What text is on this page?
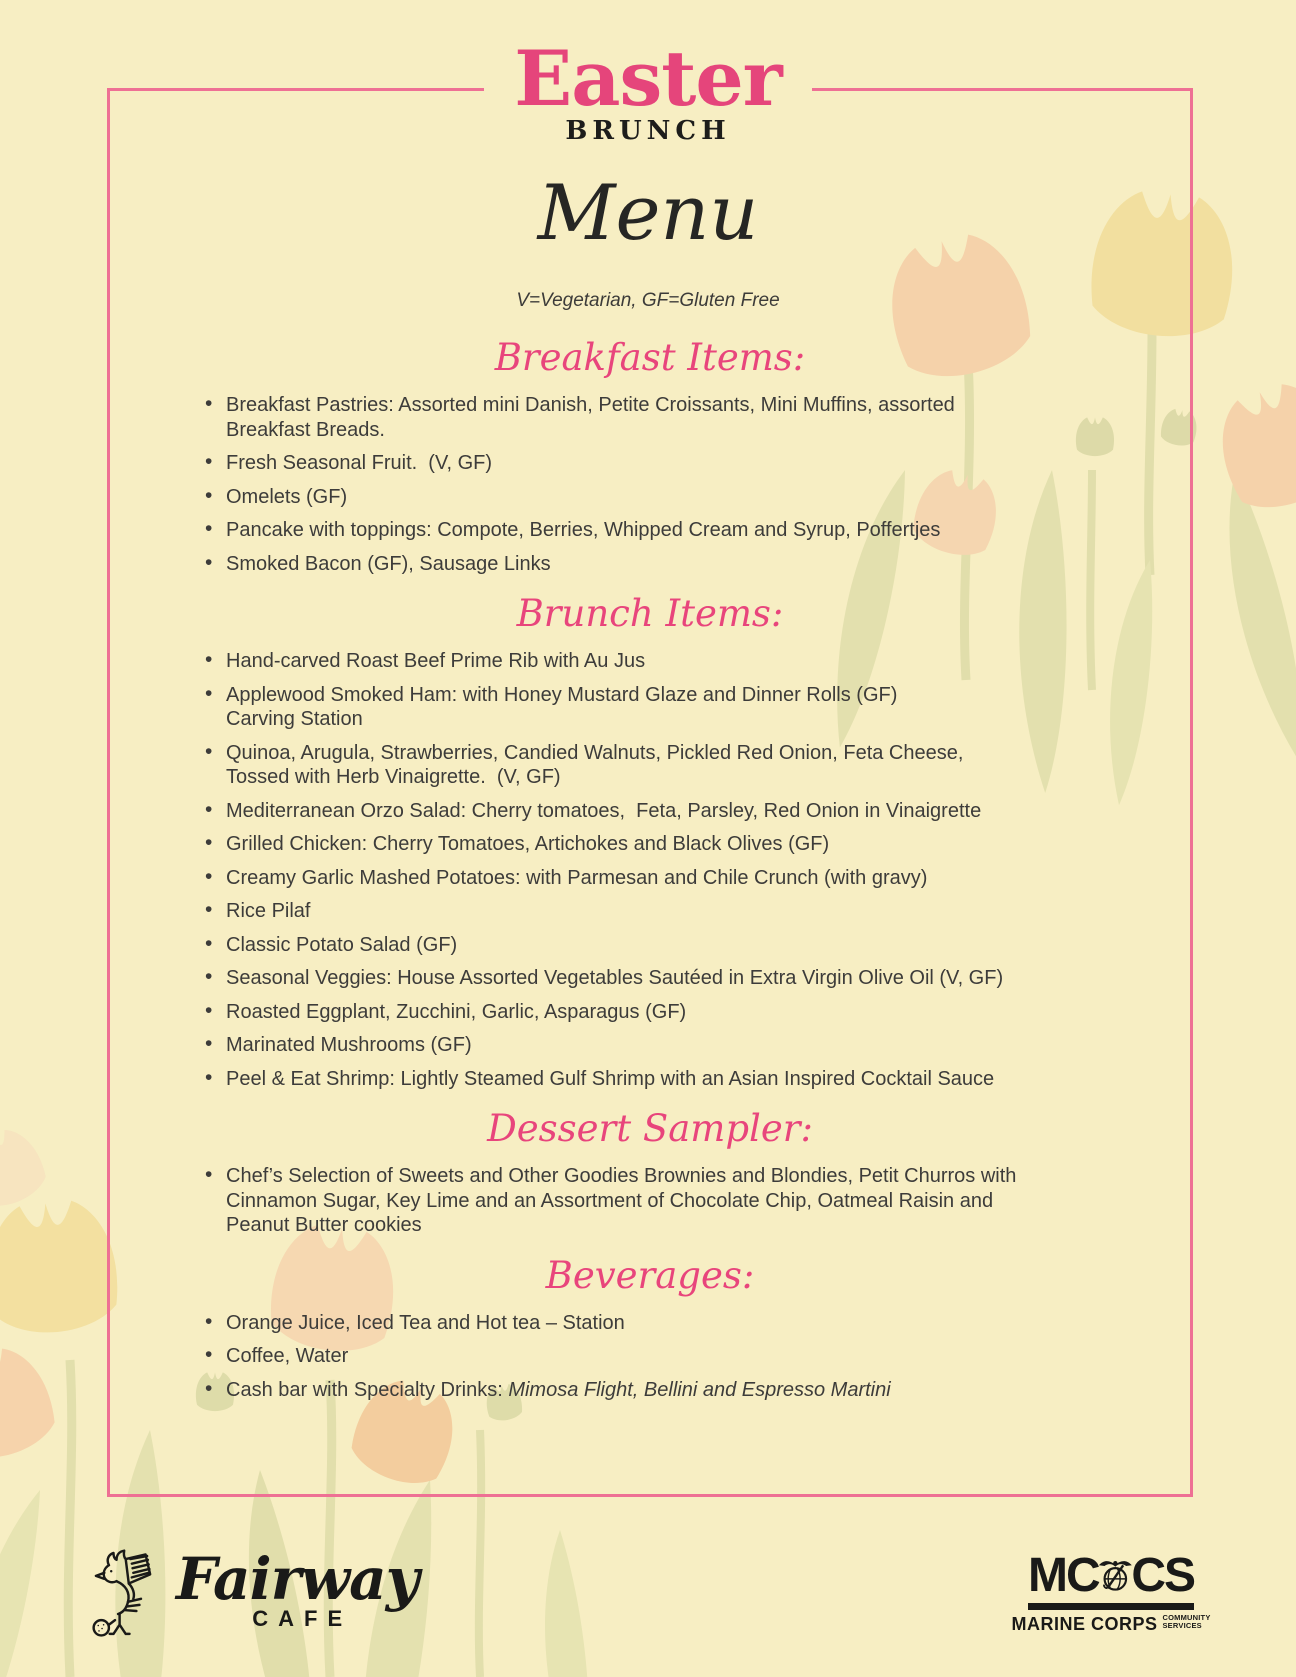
Easter
BRUNCH
Menu
V=Vegetarian, GF=Gluten Free
Breakfast Items:
• Breakfast Pastries: Assorted mini Danish, Petite Croissants, Mini Muffins, assorted
Breakfast Breads.
• Fresh Seasonal Fruit.  (V, GF)
• Omelets (GF)
• Pancake with toppings: Compote, Berries, Whipped Cream and Syrup, Poffertjes
• Smoked Bacon (GF), Sausage Links
Brunch Items:
• Hand-carved Roast Beef Prime Rib with Au Jus
• Applewood Smoked Ham: with Honey Mustard Glaze and Dinner Rolls (GF)
Carving Station
• Quinoa, Arugula, Strawberries, Candied Walnuts, Pickled Red Onion, Feta Cheese,
Tossed with Herb Vinaigrette.  (V, GF)
• Mediterranean Orzo Salad: Cherry tomatoes,  Feta, Parsley, Red Onion in Vinaigrette
• Grilled Chicken: Cherry Tomatoes, Artichokes and Black Olives (GF)
• Creamy Garlic Mashed Potatoes: with Parmesan and Chile Crunch (with gravy)
• Rice Pilaf
• Classic Potato Salad (GF)
• Seasonal Veggies: House Assorted Vegetables Sautéed in Extra Virgin Olive Oil (V, GF)
• Roasted Eggplant, Zucchini, Garlic, Asparagus (GF)
• Marinated Mushrooms (GF)
• Peel & Eat Shrimp: Lightly Steamed Gulf Shrimp with an Asian Inspired Cocktail Sauce
Dessert Sampler:
• Chef’s Selection of Sweets and Other Goodies Brownies and Blondies, Petit Churros with
Cinnamon Sugar, Key Lime and an Assortment of Chocolate Chip, Oatmeal Raisin and
Peanut Butter cookies
Beverages:
• Orange Juice, Iced Tea and Hot tea – Station
• Coffee, Water
• Cash bar with Specialty Drinks: Mimosa Flight, Bellini and Espresso Martini
Fairway
CAFE
MC CS
MARINE CORPS COMMUNITY
SERVICES
